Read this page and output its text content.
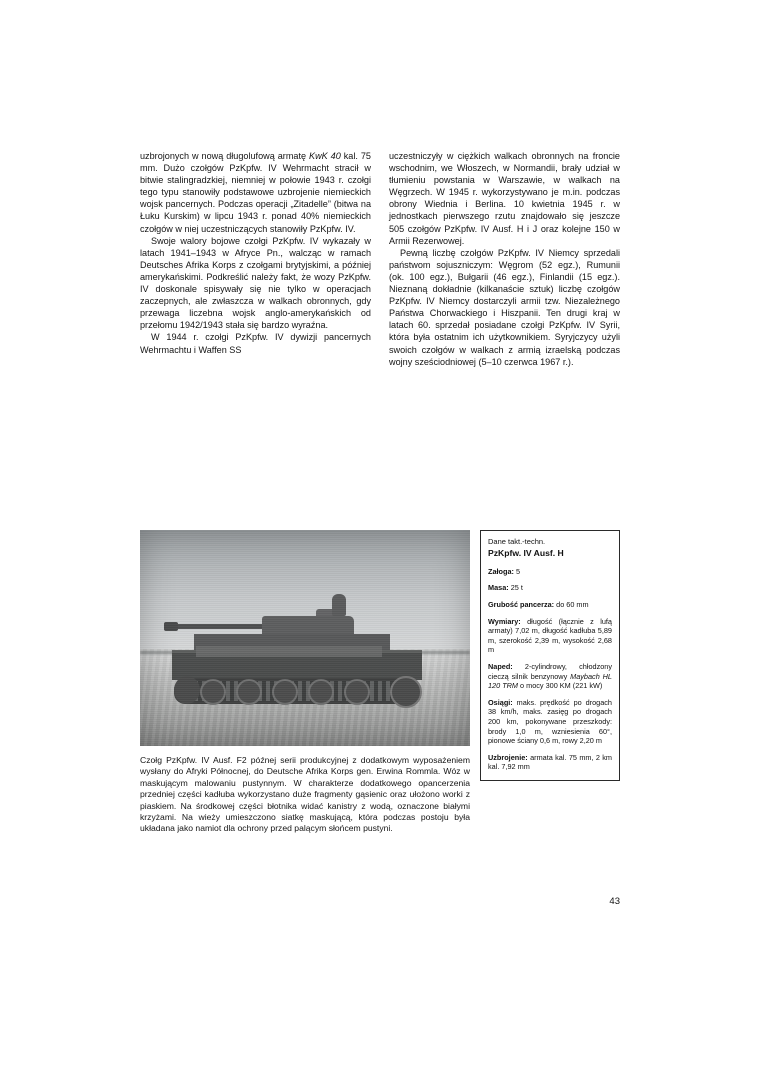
uzbrojonych w nową długolufową armatę KwK 40 kal. 75 mm. Dużo czołgów PzKpfw. IV Wehrmacht stracił w bitwie stalingradzkiej, niemniej w połowie 1943 r. czołgi tego typu stanowiły podstawowe uzbrojenie niemieckich wojsk pancernych. Podczas operacji „Zitadelle” (bitwa na Łuku Kurskim) w lipcu 1943 r. ponad 40% niemieckich czołgów w niej uczestniczących stanowiły PzKpfw. IV.

Swoje walory bojowe czołgi PzKpfw. IV wykazały w latach 1941–1943 w Afryce Pn., walcząc w ramach Deutsches Afrika Korps z czołgami brytyjskimi, a później amerykańskimi. Podkreślić należy fakt, że wozy PzKpfw. IV doskonale spisywały się nie tylko w operacjach zaczepnych, ale zwłaszcza w walkach obronnych, gdy przewaga liczebna wojsk anglo-amerykańskich od przełomu 1942/1943 stała się bardzo wyraźna.

W 1944 r. czołgi PzKpfw. IV dywizji pancernych Wehrmachtu i Waffen SS

uczestniczyły w ciężkich walkach obronnych na froncie wschodnim, we Włoszech, w Normandii, brały udział w tłumieniu powstania w Warszawie, w walkach na Węgrzech. W 1945 r. wykorzystywano je m.in. podczas obrony Wiednia i Berlina. 10 kwietnia 1945 r. w jednostkach pierwszego rzutu znajdowało się jeszcze 505 czołgów PzKpfw. IV Ausf. H i J oraz kolejne 150 w Armii Rezerwowej.

Pewną liczbę czołgów PzKpfw. IV Niemcy sprzedali państwom sojuszniczym: Węgrom (52 egz.), Rumunii (ok. 100 egz.), Bułgarii (46 egz.), Finlandii (15 egz.). Nieznaną dokładnie (kilkanaście sztuk) liczbę czołgów PzKpfw. IV Niemcy dostarczyli armii tzw. Niezależnego Państwa Chorwackiego i Hiszpanii. Ten drugi kraj w latach 60. sprzedał posiadane czołgi PzKpfw. IV Syrii, która była ostatnim ich użytkownikiem. Syryjczycy użyli swoich czołgów w walkach z armią izraelską podczas wojny sześciodniowej (5–10 czerwca 1967 r.).

Czołg PzKpfw. IV Ausf. F2 późnej serii produkcyjnej z dodatkowym wyposażeniem wysłany do Afryki Północnej, do Deutsche Afrika Korps gen. Erwina Rommla. Wóz w maskującym malowaniu pustynnym. W charakterze dodatkowego opancerzenia przedniej części kadłuba wykorzystano duże fragmenty gąsienic oraz ułożono worki z piaskiem. Na środkowej części błotnika widać kanistry z wodą, oznaczone białymi krzyżami. Na wieży umieszczono siatkę maskującą, która podczas postoju była układana jako namiot dla ochrony przed palącym słońcem pustyni.
Dane takt.-techn.
PzKpfw. IV Ausf. H
Załoga: 5
Masa: 25 t
Grubość pancerza: do 60 mm
Wymiary: długość (łącznie z lufą armaty) 7,02 m, długość kadłuba 5,89 m, szerokość 2,39 m, wysokość 2,68 m
Naped: 2-cylindrowy, chłodzony cieczą silnik benzynowy Maybach HL 120 TRM o mocy 300 KM (221 kW)
Osiągi: maks. prędkość po drogach 38 km/h, maks. zasięg po drogach 200 km, pokonywane przeszkody: brody 1,0 m, wzniesienia 60°, pionowe ściany 0,6 m, rowy 2,20 m
Uzbrojenie: armata kal. 75 mm, 2 km kal. 7,92 mm
43
